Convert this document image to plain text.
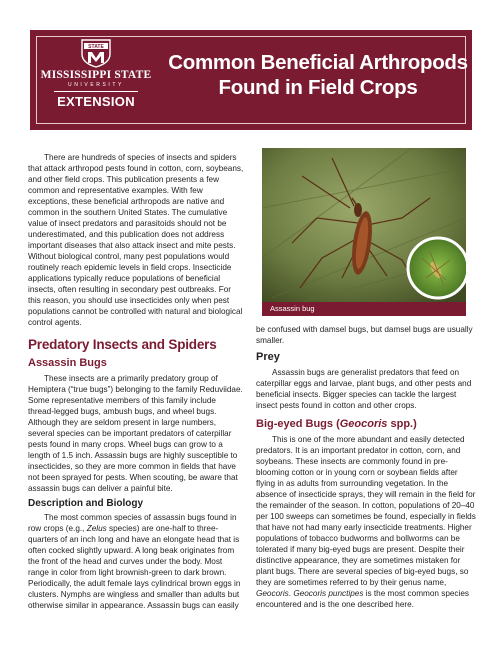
STATE
MISSISSIPPI STATE
UNIVERSITY
EXTENSION
Common Beneficial Arthropods
Found in Field Crops

There are hundreds of species of insects and spiders that attack arthropod pests found in cotton, corn, soybeans, and other field crops. This publication presents a few common and representative examples. With few exceptions, these beneficial arthropods are native and common in the southern United States. The cumulative value of insect predators and parasitoids should not be underestimated, and this publication does not address important diseases that also attack insect and mite pests. Without biological control, many pest populations would routinely reach epidemic levels in field crops. Insecticide applications typically reduce populations of beneficial insects, often resulting in secondary pest outbreaks. For this reason, you should use insecticides only when pest populations cannot be controlled with natural and biological control agents.

Predatory Insects and Spiders
Assassin Bugs

These insects are a primarily predatory group of Hemiptera (“true bugs”) belonging to the family Reduviidae. Some representative members of this family include thread-legged bugs, ambush bugs, and wheel bugs. Although they are seldom present in large numbers, several species can be important predators of caterpillar pests found in many crops. Wheel bugs can grow to a length of 1.5 inch. Assassin bugs are highly susceptible to insecticides, so they are more common in fields that have not been sprayed for pests. When scouting, be aware that assassin bugs can deliver a painful bite.

Description and Biology

The most common species of assassin bugs found in row crops (e.g., Zelus species) are one-half to three-quarters of an inch long and have an elongate head that is often cocked slightly upward. A long beak originates from the front of the head and curves under the body. Most range in color from light brownish-green to dark brown. Periodically, the adult female lays cylindrical brown eggs in clusters. Nymphs are wingless and smaller than adults but otherwise similar in appearance. Assassin bugs can easily

Assassin bug

be confused with damsel bugs, but damsel bugs are usually smaller.

Prey

Assassin bugs are generalist predators that feed on caterpillar eggs and larvae, plant bugs, and other pests and beneficial insects. Bigger species can tackle the largest insect pests found in cotton and other crops.

Big-eyed Bugs (Geocoris spp.)

This is one of the more abundant and easily detected predators. It is an important predator in cotton, corn, and soybeans. These insects are commonly found in pre-blooming cotton or in young corn or soybean fields after flying in as adults from surrounding vegetation. In the absence of insecticide sprays, they will remain in the field for the remainder of the season. In cotton, populations of 20–40 per 100 sweeps can sometimes be found, especially in fields that have not had many early insecticide treatments. Higher populations of tobacco budworms and bollworms can be tolerated if many big-eyed bugs are present. Despite their distinctive appearance, they are sometimes mistaken for plant bugs. There are several species of big-eyed bugs, so they are sometimes referred to by their genus name, Geocoris. Geocoris punctipes is the most common species encountered and is the one described here.
